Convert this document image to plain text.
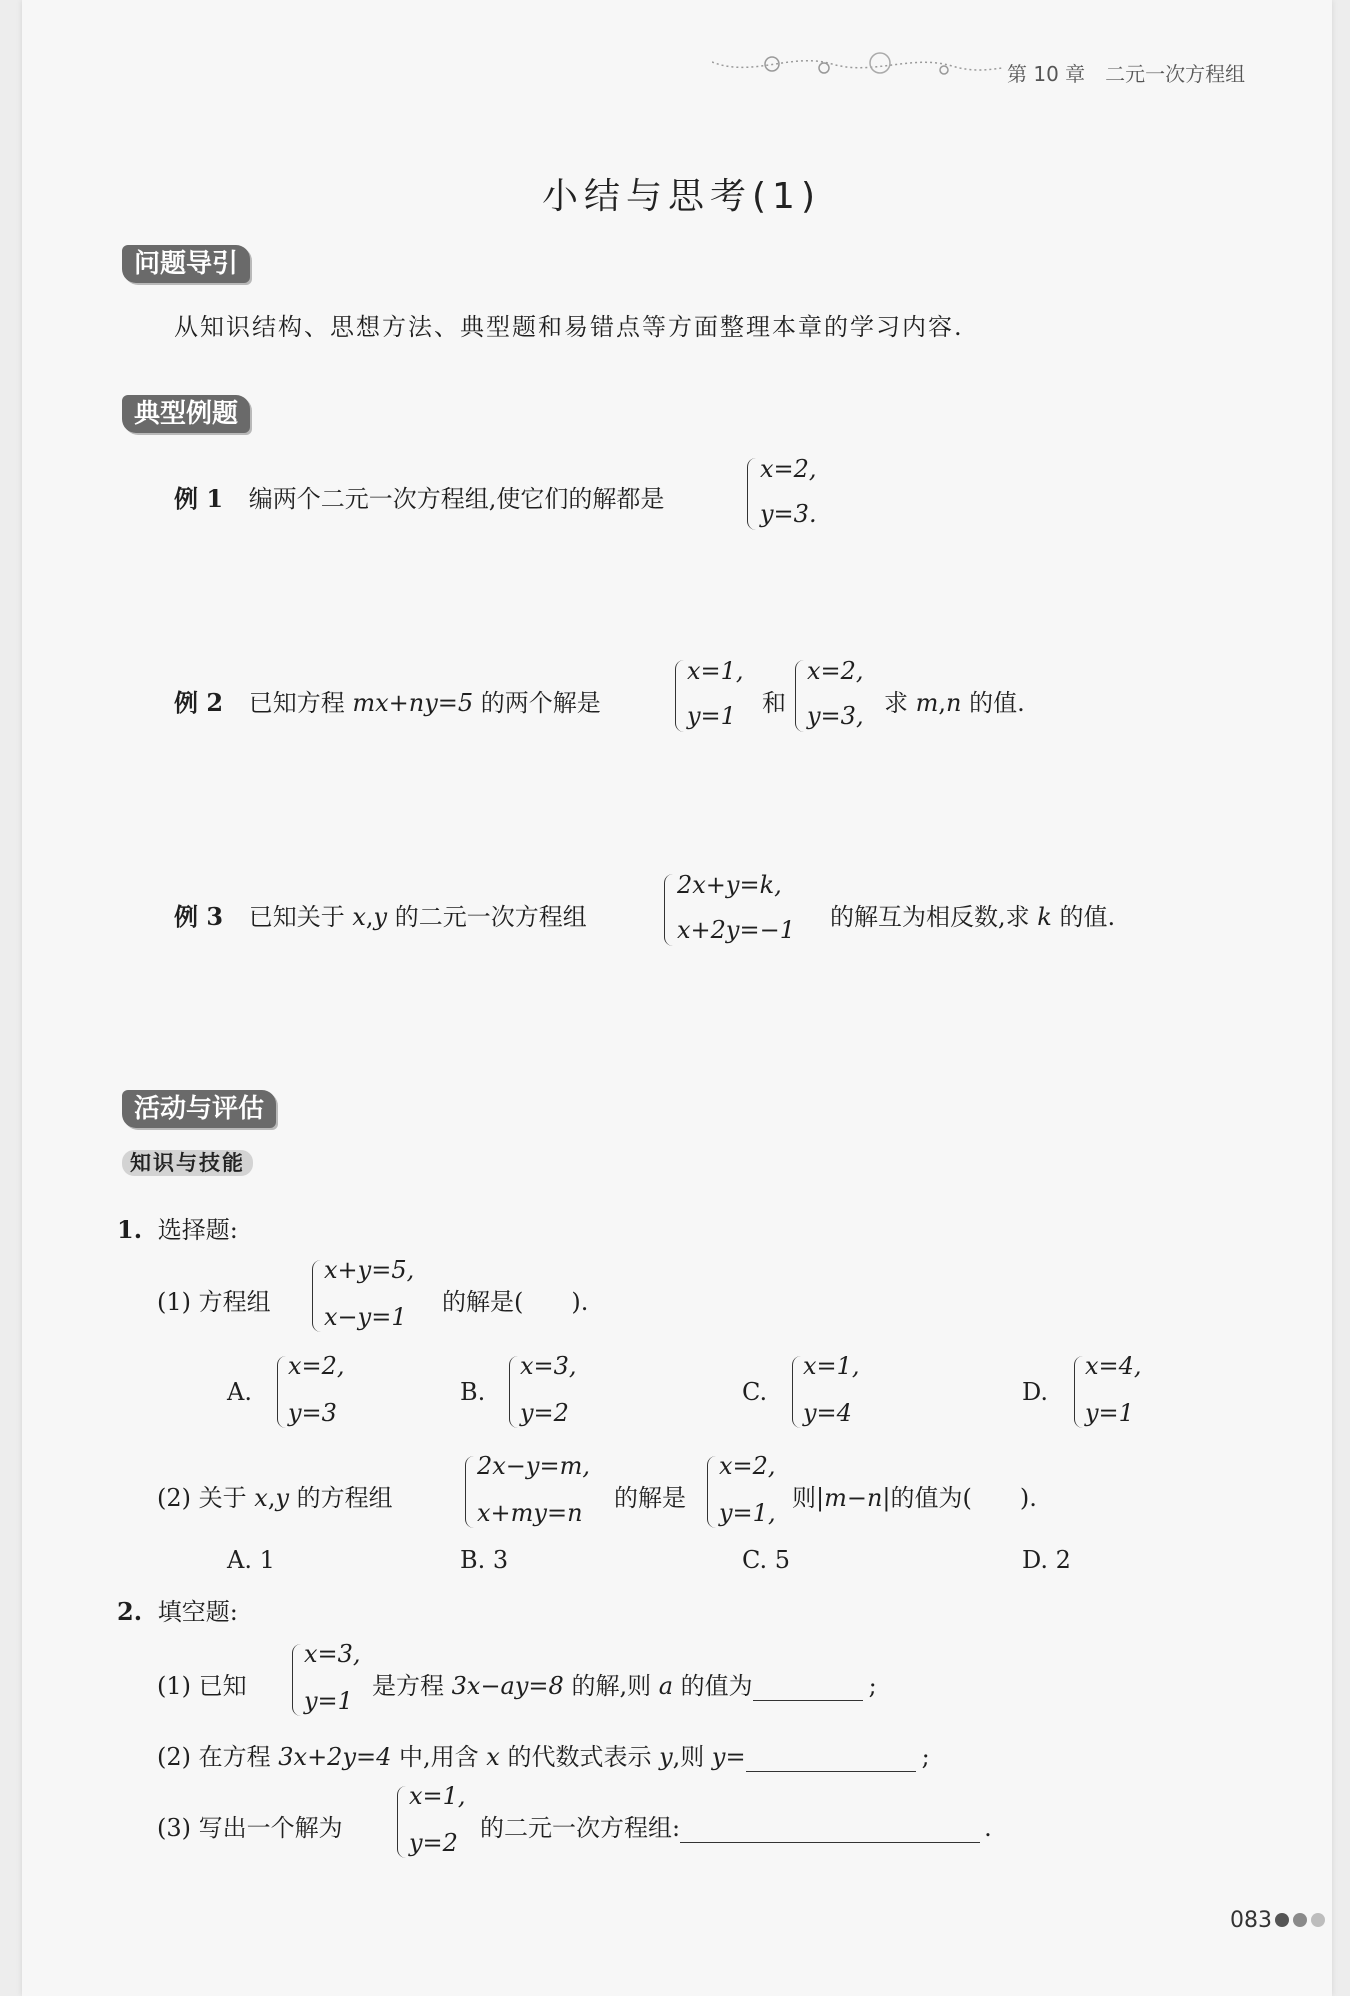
第 10 章　二元一次方程组
小结与思考(1)
问题导引
从知识结构、思想方法、典型题和易错点等方面整理本章的学习内容.
典型例题
例 1 编两个二元一次方程组,使它们的解都是
x=2,
y=3.
例 2 已知方程 mx+ny=5 的两个解是
x=1,
y=1 和
x=2,
y=3, 求 m,n 的值.
例 3 已知关于 x,y 的二元一次方程组
2x+y=k,
x+2y=−1 的解互为相反数,求 k 的值.
活动与评估
知识与技能
1. 选择题:
(1) 方程组
x+y=5,
x−y=1
的解是(　　).
A.
x=2,
y=3
B.
x=3,
y=2
C.
x=1,
y=4
D.
x=4,
y=1
(2) 关于 x,y 的方程组
2x−y=m,
x+my=n
的解是
x=2,
y=1,
则|m−n|的值为(　　).
A. 1	B. 3	C. 5	D. 2
2. 填空题:
(1) 已知
x=3,
y=1
是方程 3x−ay=8 的解,则 a 的值为	;
(2) 在方程 3x+2y=4 中,用含 x 的代数式表示 y,则 y=	;
(3) 写出一个解为
x=1,
y=2
的二元一次方程组:	.
083
